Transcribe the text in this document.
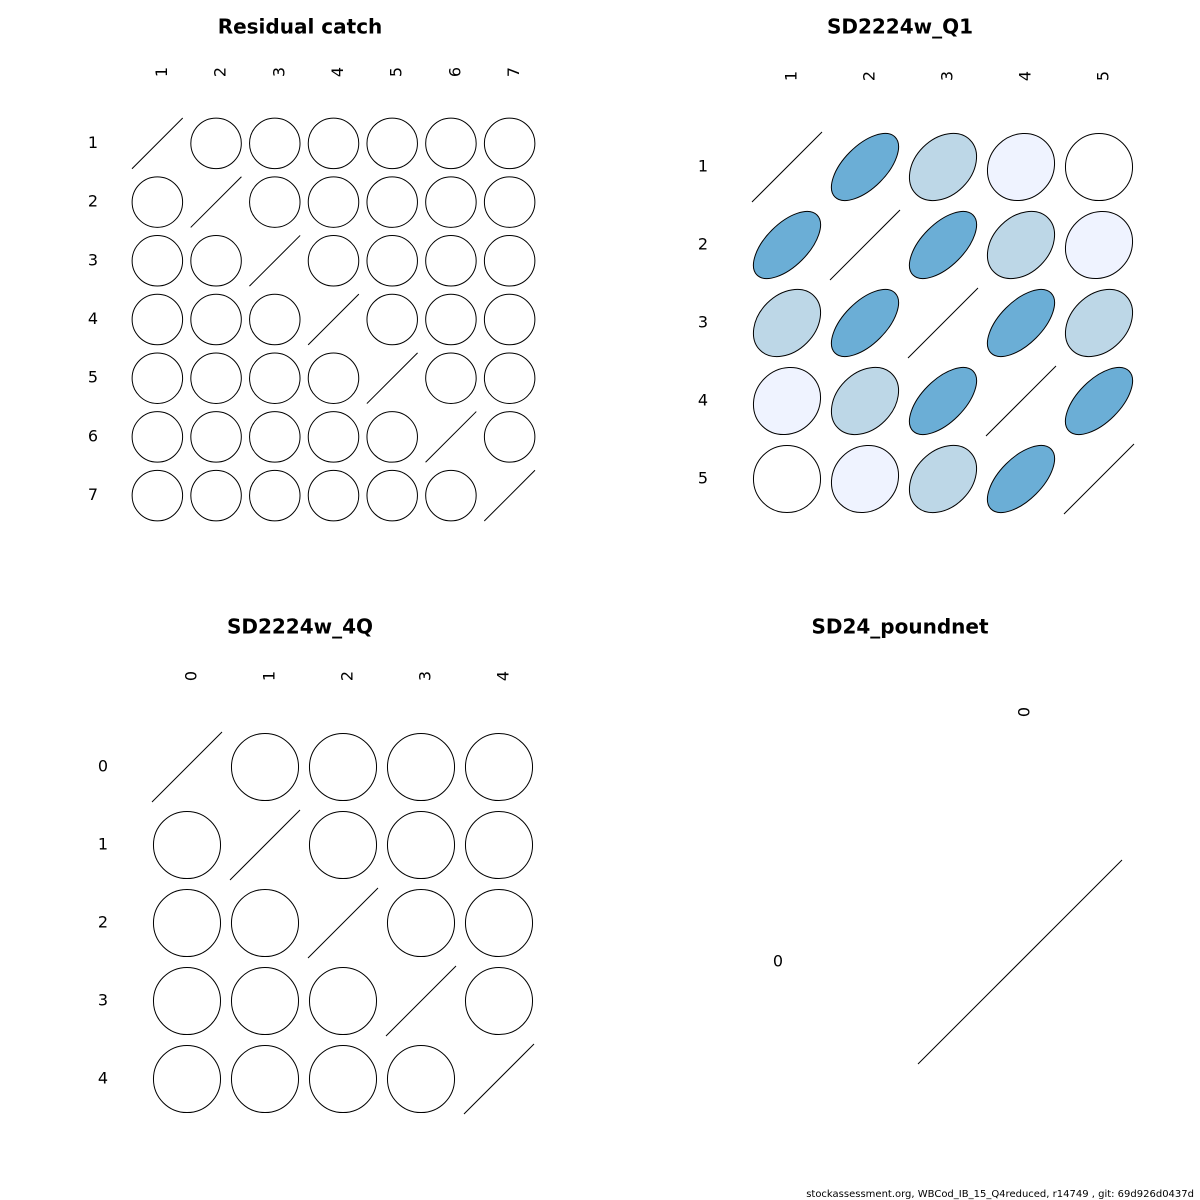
Residual catch
1
1
2
2
3
3
4
4
5
5
6
6
7
7
SD2224w_Q1
1
1
2
2
3
3
4
4
5
5
SD2224w_4Q
0
0
1
1
2
2
3
3
4
4
SD24_poundnet
0
0
stockassessment.org, WBCod_IB_15_Q4reduced, r14749 , git: 69d926d0437d
